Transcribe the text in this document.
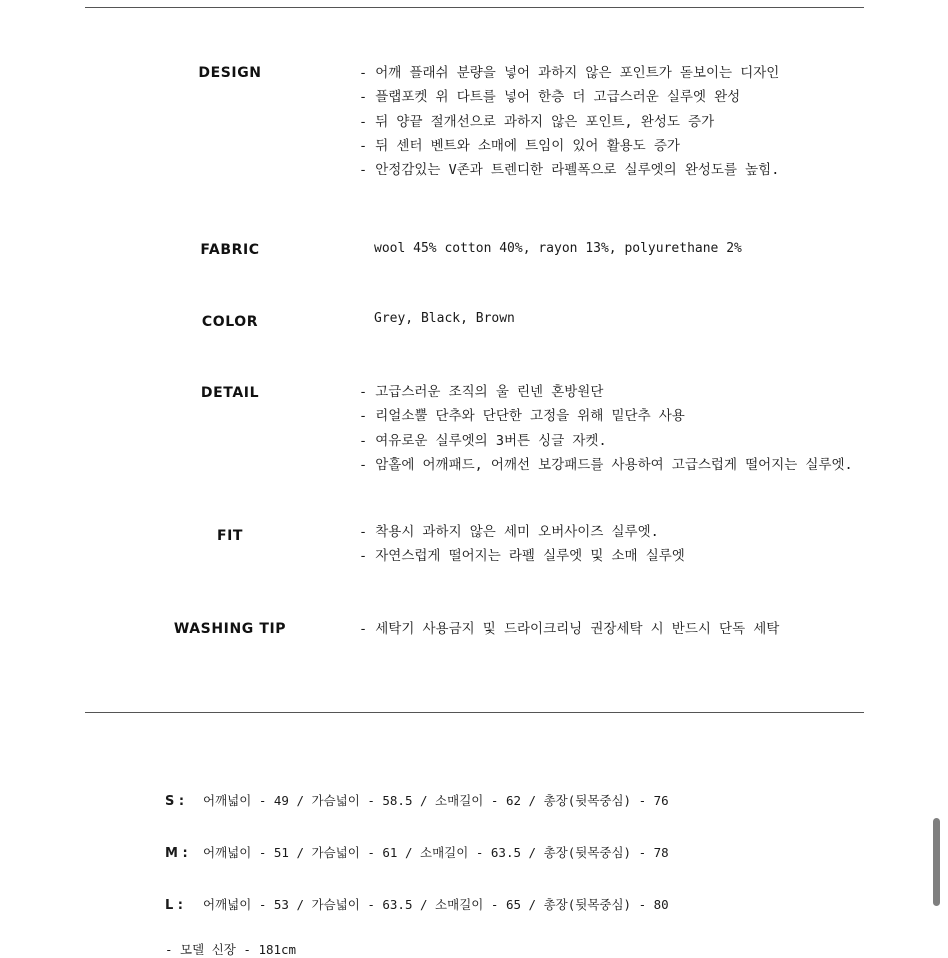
DESIGN	- 어깨 플래쉬 분량을 넣어 과하지 않은 포인트가 돋보이는 디자인
- 플랩포켓 위 다트를 넣어 한층 더 고급스러운 실루엣 완성
- 뒤 양끝 절개선으로 과하지 않은 포인트, 완성도 증가
- 뒤 센터 벤트와 소매에 트임이 있어 활용도 증가
- 안정감있는 V존과 트렌디한 라펠폭으로 실루엣의 완성도를 높힘.
FABRIC	wool 45% cotton 40%, rayon 13%, polyurethane 2%
COLOR	Grey, Black, Brown
DETAIL	- 고급스러운 조직의 울 린넨 혼방원단
- 리얼소뿔 단추와 단단한 고정을 위해 밑단추 사용
- 여유로운 실루엣의 3버튼 싱글 자켓.
- 암홀에 어깨패드, 어깨선 보강패드를 사용하여 고급스럽게 떨어지는 실루엣.
FIT	- 착용시 과하지 않은 세미 오버사이즈 실루엣.
- 자연스럽게 떨어지는 라펠 실루엣 및 소매 실루엣
WASHING TIP	- 세탁기 사용금지 및 드라이크리닝 권장세탁 시 반드시 단독 세탁
S : 어깨넓이 - 49 / 가슴넓이 - 58.5 / 소매길이 - 62 / 총장(뒷목중심) - 76
M : 어깨넓이 - 51 / 가슴넓이 - 61 / 소매길이 - 63.5 / 총장(뒷목중심) - 78
L : 어깨넓이 - 53 / 가슴넓이 - 63.5 / 소매길이 - 65 / 총장(뒷목중심) - 80
- 모델 신장 - 181cm
